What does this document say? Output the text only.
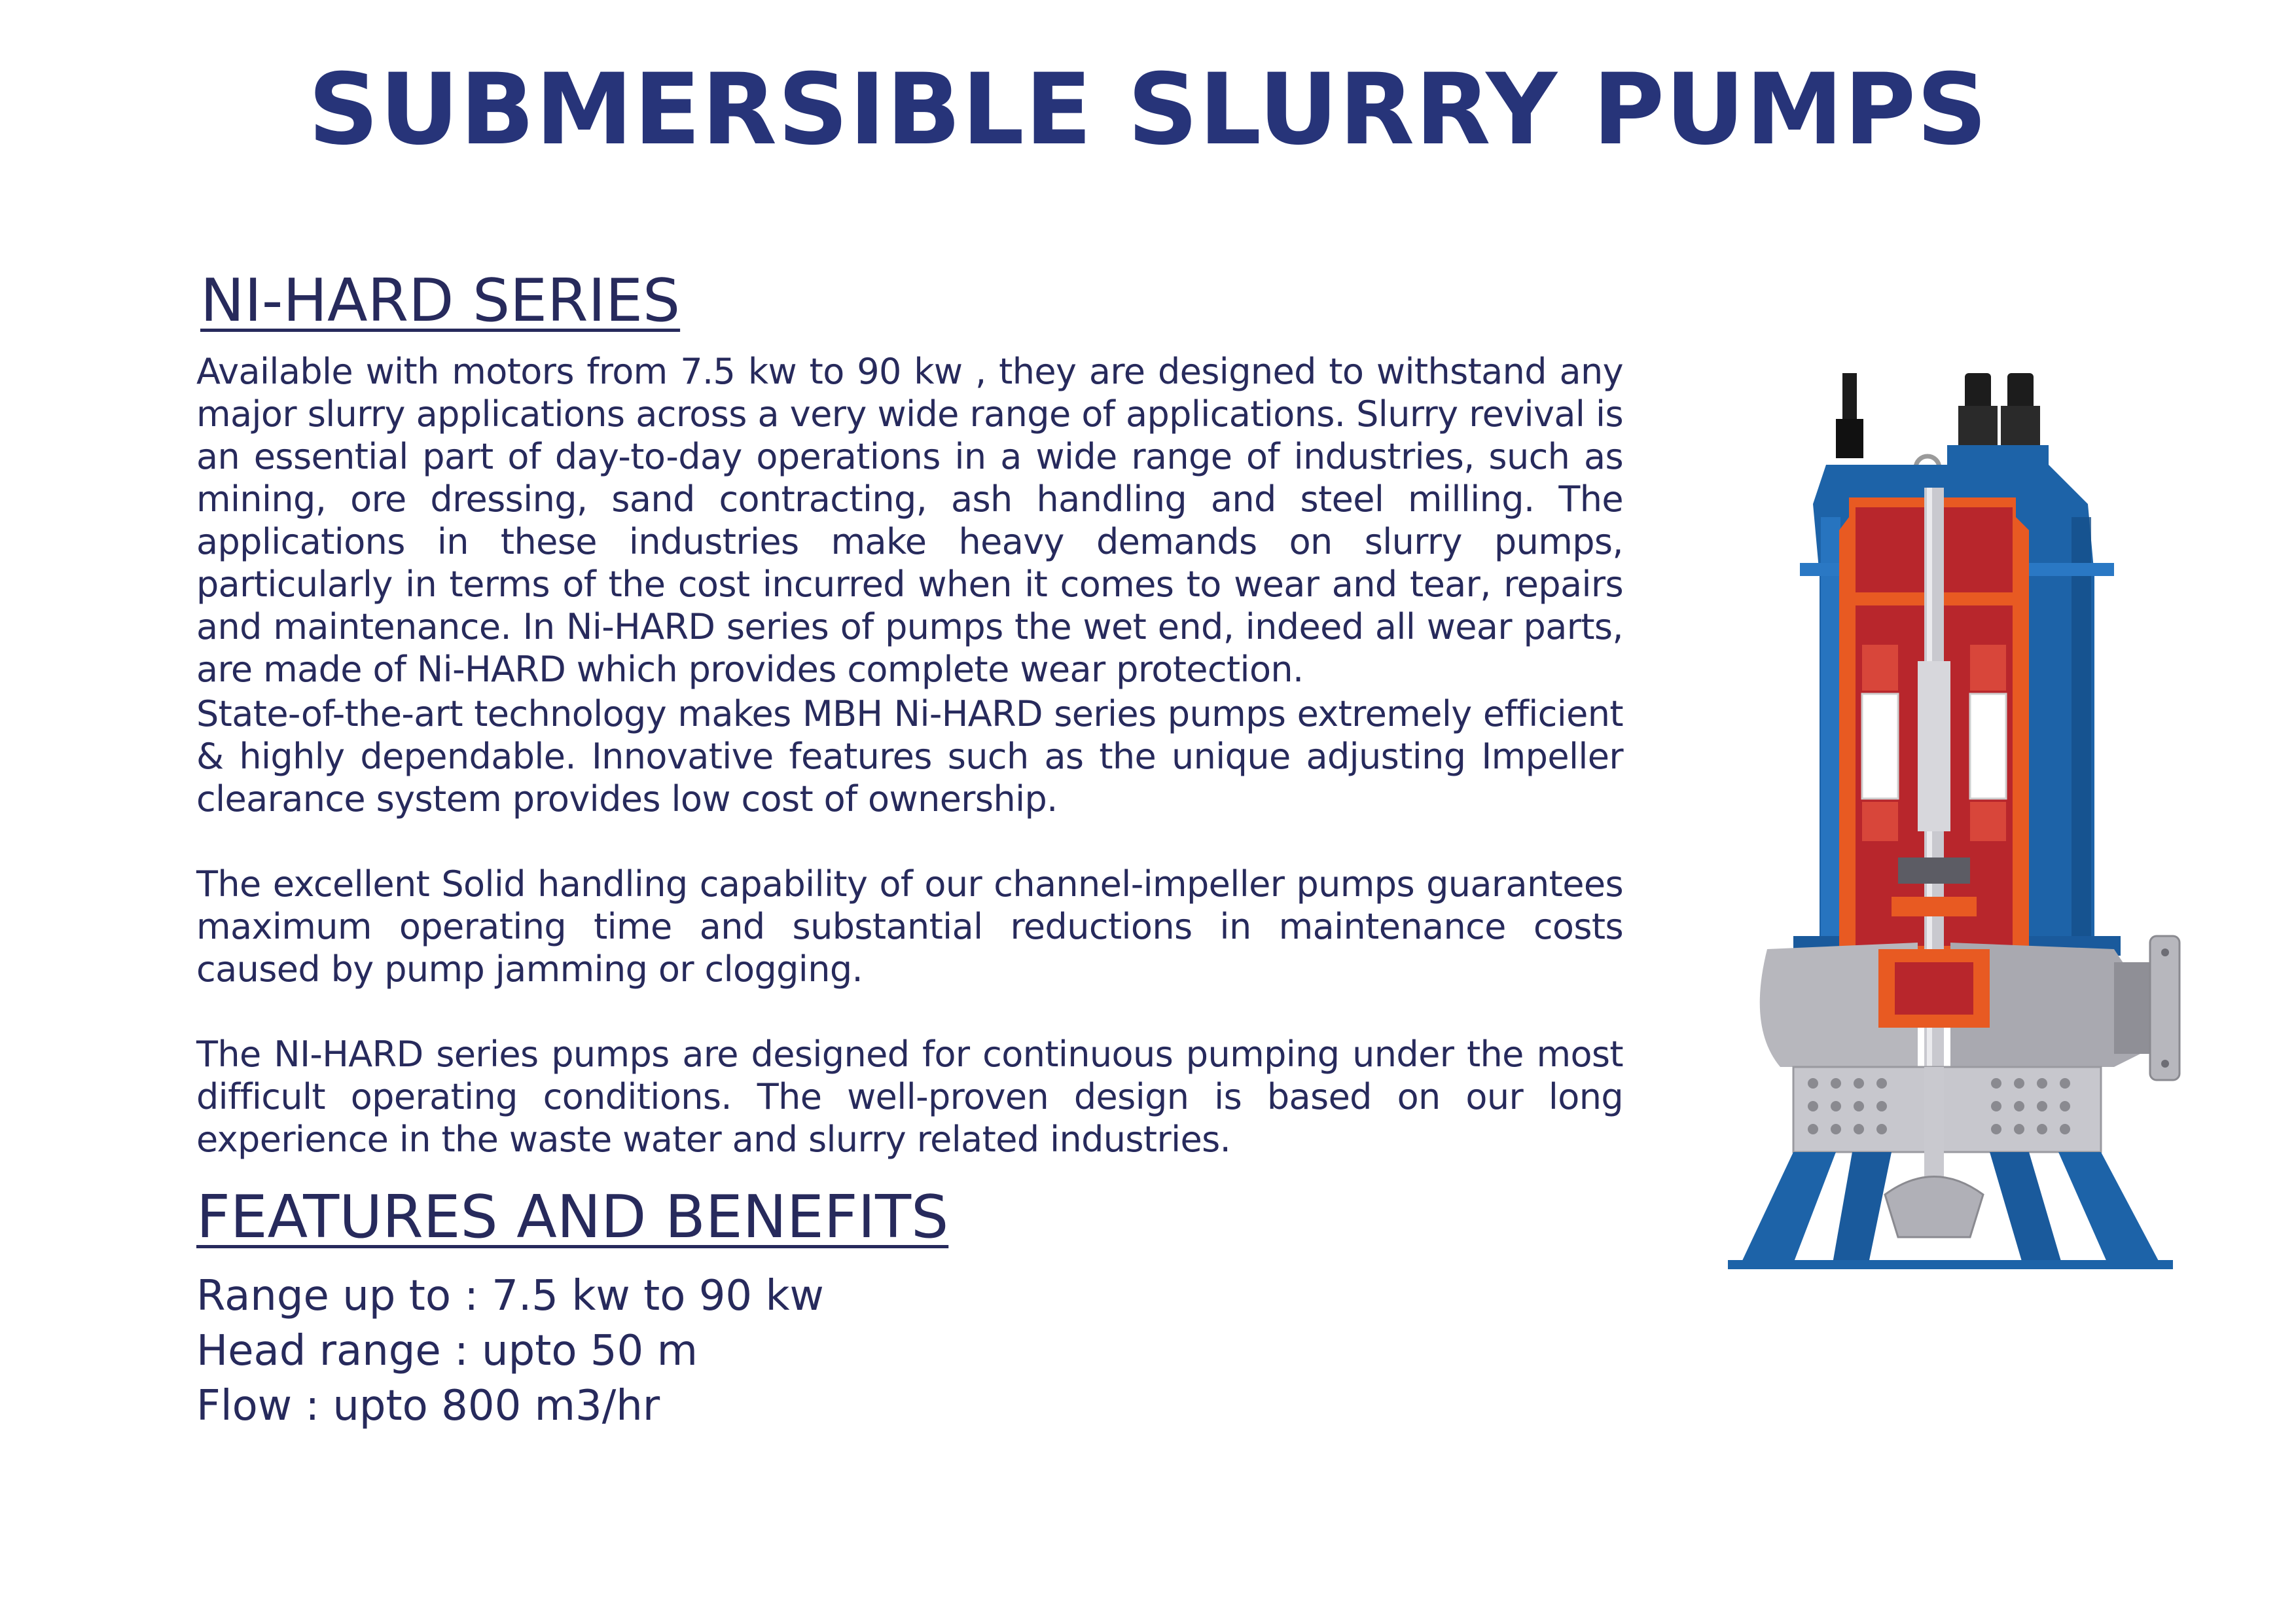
SUBMERSIBLE SLURRY PUMPS
NI-HARD SERIES

Available with motors from 7.5 kw to 90 kw , they are designed to withstand any major slurry applications across a very wide range of applications. Slurry revival is an essential part of day-to-day operations in a wide range of industries, such as mining, ore dressing, sand contracting, ash handling and steel milling. The applications in these industries make heavy demands on slurry pumps, particularly in terms of the cost incurred when it comes to wear and tear, repairs and maintenance. In Ni-HARD series of pumps the wet end, indeed all wear parts, are made of Ni-HARD which provides complete wear protection.

State-of-the-art technology makes MBH Ni-HARD series pumps extremely efficient & highly dependable. Innovative features such as the unique adjusting Impeller clearance system provides low cost of ownership.

The excellent Solid handling capability of our channel-impeller pumps guarantees maximum operating time and substantial reductions in maintenance costs caused by pump jamming or clogging.

The NI-HARD series pumps are designed for continuous pumping under the most difficult operating conditions. The well-proven design is based on our long experience in the waste water and slurry related industries.

FEATURES AND BENEFITS

Range up to : 7.5 kw to 90 kw

Head range : upto 50 m

Flow : upto 800 m3/hr
